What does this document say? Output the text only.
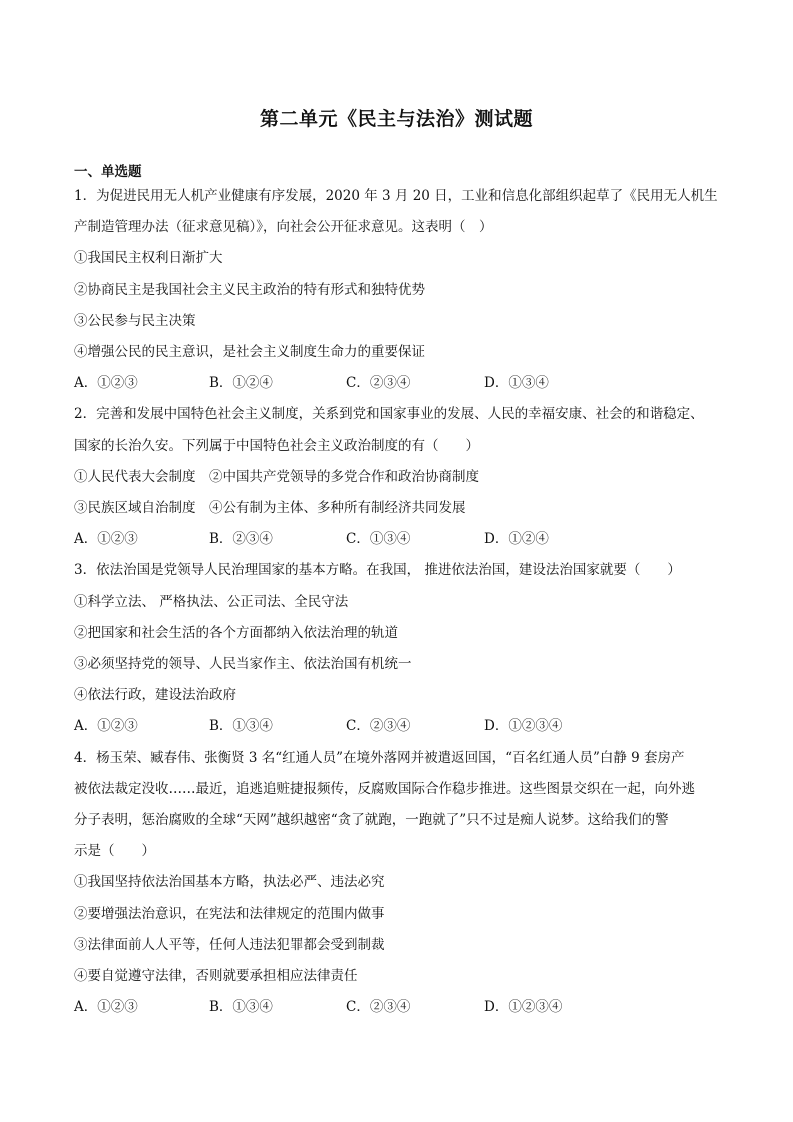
第二单元《民主与法治》测试题
一、单选题
1．为促进民用无人机产业健康有序发展，2020 年 3 月 20 日，工业和信息化部组织起草了《民用无人机生
产制造管理办法（征求意见稿）》，向社会公开征求意见。这表明（　）
①我国民主权利日渐扩大
②协商民主是我国社会主义民主政治的特有形式和独特优势
③公民参与民主决策
④增强公民的民主意识，是社会主义制度生命力的重要保证
A．①②③	B．①②④	C．②③④	D．①③④
2．完善和发展中国特色社会主义制度，关系到党和国家事业的发展、人民的幸福安康、社会的和谐稳定、
国家的长治久安。下列属于中国特色社会主义政治制度的有（　　）
①人民代表大会制度　②中国共产党领导的多党合作和政治协商制度
③民族区域自治制度　④公有制为主体、多种所有制经济共同发展
A．①②③	B．②③④	C．①③④	D．①②④
3．依法治国是党领导人民治理国家的基本方略。在我国， 推进依法治国，建设法治国家就要（　　）
①科学立法、 严格执法、公正司法、全民守法
②把国家和社会生活的各个方面都纳入依法治理的轨道
③必须坚持党的领导、人民当家作主、依法治国有机统一
④依法行政，建设法治政府
A．①②③	B．①③④	C．②③④	D．①②③④
4．杨玉荣、臧春伟、张衡贤 3 名“红通人员”在境外落网并被遣返回国，“百名红通人员”白静 9 套房产
被依法裁定没收……最近，追逃追赃捷报频传，反腐败国际合作稳步推进。这些图景交织在一起，向外逃
分子表明，惩治腐败的全球“天网”越织越密“贪了就跑，一跑就了”只不过是痴人说梦。这给我们的警
示是（　　）
①我国坚持依法治国基本方略，执法必严、违法必究
②要增强法治意识，在宪法和法律规定的范围内做事
③法律面前人人平等，任何人违法犯罪都会受到制裁
④要自觉遵守法律，否则就要承担相应法律责任
A．①②③	B．①③④	C．②③④	D．①②③④
